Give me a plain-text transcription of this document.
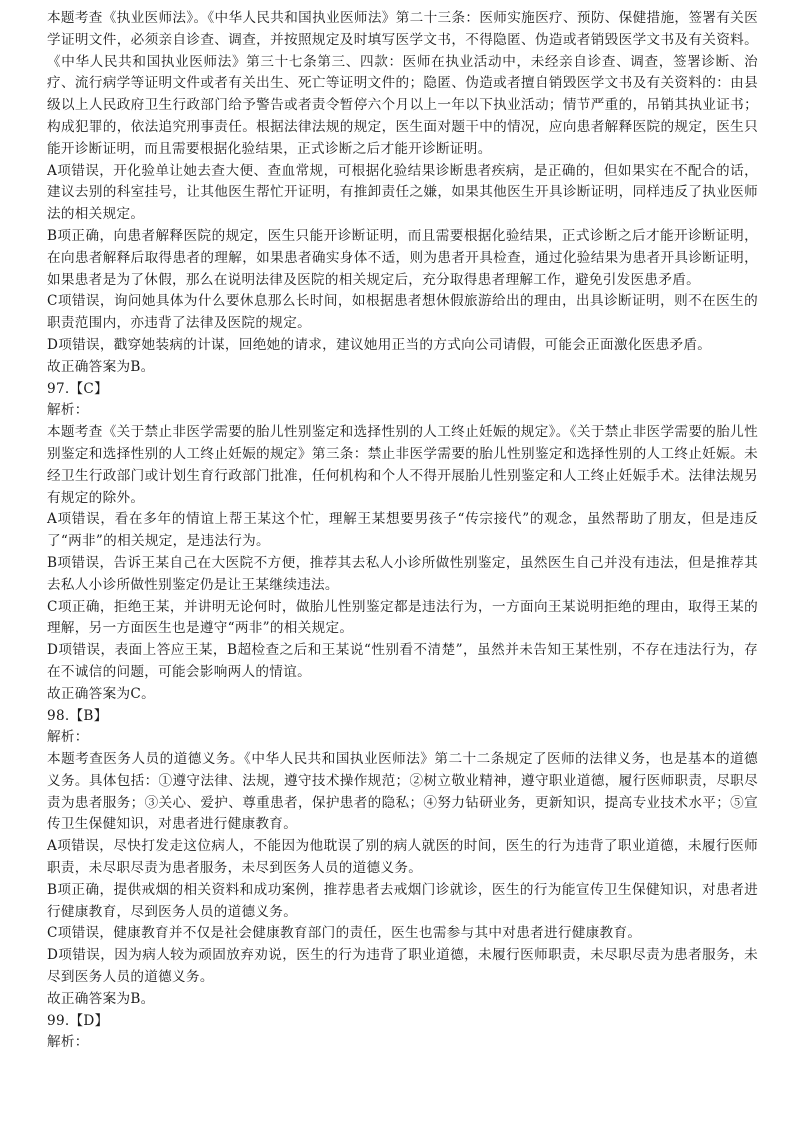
本题考查《执业医师法》。《中华人民共和国执业医师法》第二十三条：医师实施医疗、预防、保健措施，签署有关医学证明文件，必须亲自诊查、调查，并按照规定及时填写医学文书，不得隐匿、伪造或者销毁医学文书及有关资料。《中华人民共和国执业医师法》第三十七条第三、四款：医师在执业活动中，未经亲自诊查、调查，签署诊断、治疗、流行病学等证明文件或者有关出生、死亡等证明文件的；隐匿、伪造或者擅自销毁医学文书及有关资料的：由县级以上人民政府卫生行政部门给予警告或者责令暂停六个月以上一年以下执业活动；情节严重的，吊销其执业证书；构成犯罪的，依法追究刑事责任。根据法律法规的规定，医生面对题干中的情况，应向患者解释医院的规定，医生只能开诊断证明，而且需要根据化验结果，正式诊断之后才能开诊断证明。

A项错误，开化验单让她去查大便、查血常规，可根据化验结果诊断患者疾病，是正确的，但如果实在不配合的话，建议去别的科室挂号，让其他医生帮忙开证明，有推卸责任之嫌，如果其他医生开具诊断证明，同样违反了执业医师法的相关规定。

B项正确，向患者解释医院的规定，医生只能开诊断证明，而且需要根据化验结果，正式诊断之后才能开诊断证明，在向患者解释后取得患者的理解，如果患者确实身体不适，则为患者开具检查，通过化验结果为患者开具诊断证明，如果患者是为了休假，那么在说明法律及医院的相关规定后，充分取得患者理解工作，避免引发医患矛盾。

C项错误，询问她具体为什么要休息那么长时间，如根据患者想休假旅游给出的理由，出具诊断证明，则不在医生的职责范围内，亦违背了法律及医院的规定。

D项错误，戳穿她装病的计谋，回绝她的请求，建议她用正当的方式向公司请假，可能会正面激化医患矛盾。

故正确答案为B。

97.【C】

解析：

本题考查《关于禁止非医学需要的胎儿性别鉴定和选择性别的人工终止妊娠的规定》。《关于禁止非医学需要的胎儿性别鉴定和选择性别的人工终止妊娠的规定》第三条：禁止非医学需要的胎儿性别鉴定和选择性别的人工终止妊娠。未经卫生行政部门或计划生育行政部门批准，任何机构和个人不得开展胎儿性别鉴定和人工终止妊娠手术。法律法规另有规定的除外。

A项错误，看在多年的情谊上帮王某这个忙，理解王某想要男孩子“传宗接代”的观念，虽然帮助了朋友，但是违反了“两非”的相关规定，是违法行为。

B项错误，告诉王某自己在大医院不方便，推荐其去私人小诊所做性别鉴定，虽然医生自己并没有违法，但是推荐其去私人小诊所做性别鉴定仍是让王某继续违法。

C项正确，拒绝王某，并讲明无论何时，做胎儿性别鉴定都是违法行为，一方面向王某说明拒绝的理由，取得王某的理解，另一方面医生也是遵守“两非”的相关规定。

D项错误，表面上答应王某，B超检查之后和王某说“性别看不清楚”，虽然并未告知王某性别，不存在违法行为，存在不诚信的问题，可能会影响两人的情谊。

故正确答案为C。

98.【B】

解析：

本题考查医务人员的道德义务。《中华人民共和国执业医师法》第二十二条规定了医师的法律义务，也是基本的道德义务。具体包括：①遵守法律、法规，遵守技术操作规范；②树立敬业精神，遵守职业道德，履行医师职责，尽职尽责为患者服务；③关心、爱护、尊重患者，保护患者的隐私；④努力钻研业务，更新知识，提高专业技术水平；⑤宣传卫生保健知识，对患者进行健康教育。

A项错误，尽快打发走这位病人，不能因为他耽误了别的病人就医的时间，医生的行为违背了职业道德，未履行医师职责，未尽职尽责为患者服务，未尽到医务人员的道德义务。

B项正确，提供戒烟的相关资料和成功案例，推荐患者去戒烟门诊就诊，医生的行为能宣传卫生保健知识，对患者进行健康教育，尽到医务人员的道德义务。

C项错误，健康教育并不仅是社会健康教育部门的责任，医生也需参与其中对患者进行健康教育。

D项错误，因为病人较为顽固放弃劝说，医生的行为违背了职业道德，未履行医师职责，未尽职尽责为患者服务，未尽到医务人员的道德义务。

故正确答案为B。

99.【D】

解析：
